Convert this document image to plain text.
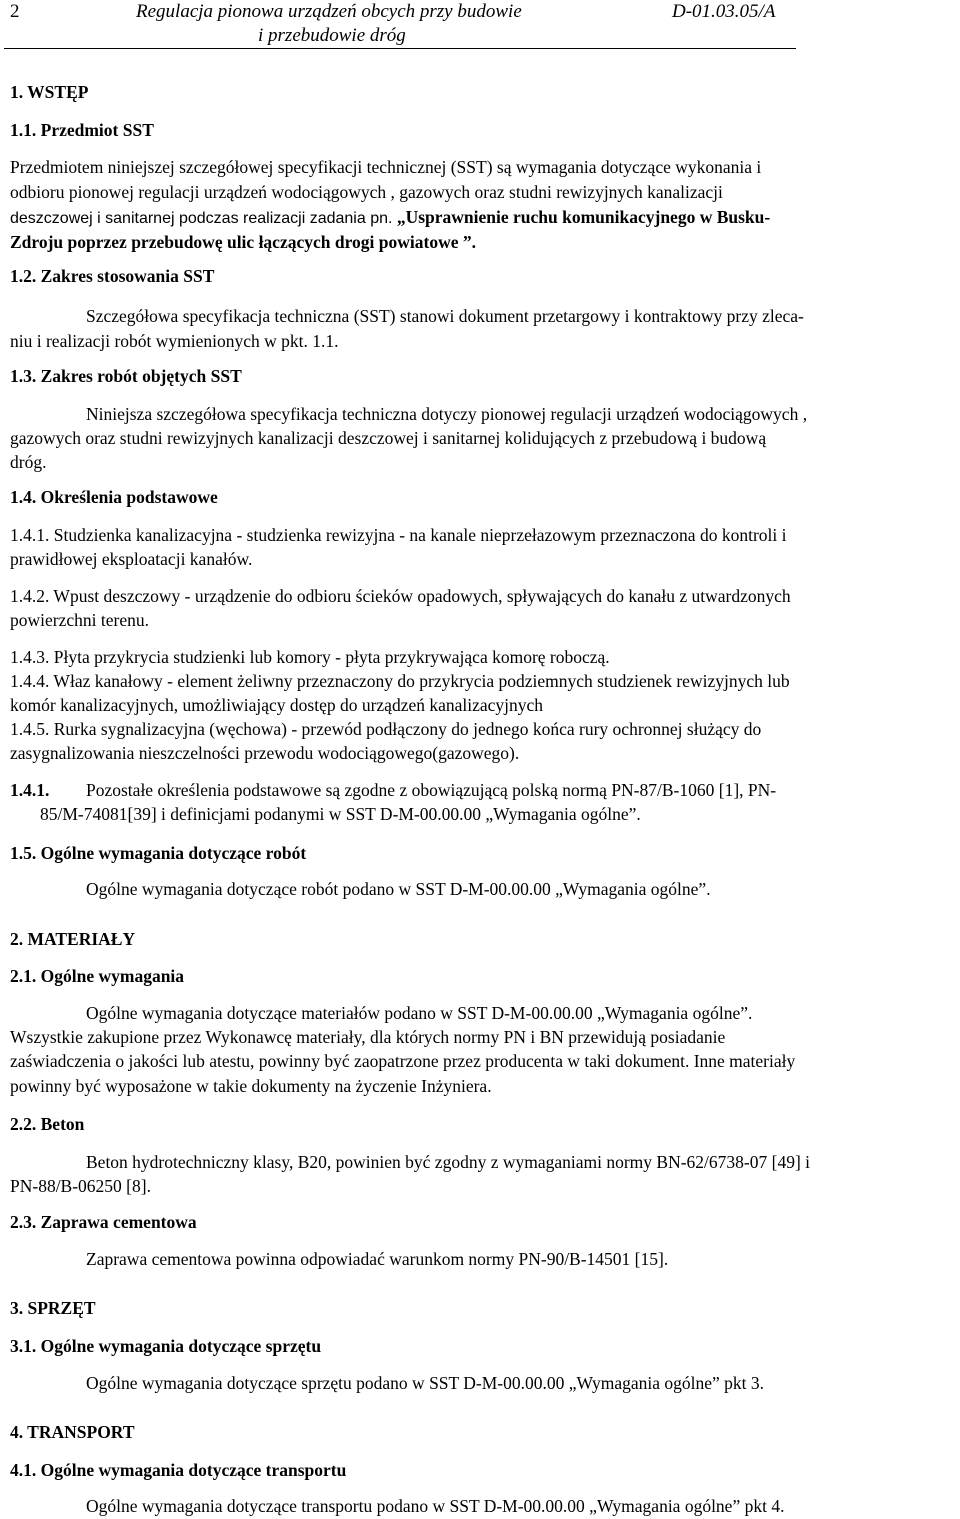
2	Regulacja pionowa urządzeń obcych przy budowie
i przebudowie dróg
D-01.03.05/A
1. WSTĘP
1.1. Przedmiot SST
Przedmiotem niniejszej szczegółowej specyfikacji technicznej (SST) są wymagania dotyczące wykonania i
odbioru pionowej regulacji urządzeń wodociągowych , gazowych oraz studni rewizyjnych kanalizacji
deszczowej i sanitarnej podczas realizacji zadania pn. „Usprawnienie ruchu komunikacyjnego w Busku-
Zdroju poprzez przebudowę ulic łączących drogi powiatowe ”.
1.2. Zakres stosowania SST
Szczegółowa specyfikacja techniczna (SST) stanowi dokument przetargowy i kontraktowy przy zleca-
niu i realizacji robót wymienionych w pkt. 1.1.
1.3. Zakres robót objętych SST
Niniejsza szczegółowa specyfikacja techniczna dotyczy pionowej regulacji urządzeń wodociągowych ,
gazowych oraz studni rewizyjnych kanalizacji deszczowej i sanitarnej kolidujących z przebudową i budową
dróg.
1.4. Określenia podstawowe
1.4.1. Studzienka kanalizacyjna - studzienka rewizyjna - na kanale nieprzełazowym przeznaczona do kontroli i
prawidłowej eksploatacji kanałów.
1.4.2. Wpust deszczowy - urządzenie do odbioru ścieków opadowych, spływających do kanału z utwardzonych
powierzchni terenu.
1.4.3. Płyta przykrycia studzienki lub komory - płyta przykrywająca komorę roboczą.
1.4.4. Właz kanałowy - element żeliwny przeznaczony do przykrycia podziemnych studzienek rewizyjnych lub
komór kanalizacyjnych, umożliwiający dostęp do urządzeń kanalizacyjnych
1.4.5. Rurka sygnalizacyjna (węchowa) - przewód podłączony do jednego końca rury ochronnej służący do
zasygnalizowania nieszczelności przewodu wodociągowego(gazowego).
1.4.1. Pozostałe określenia podstawowe są zgodne z obowiązującą polską normą PN-87/B-1060 [1], PN-
85/M-74081[39] i definicjami podanymi w SST D-M-00.00.00 „Wymagania ogólne”.
1.5. Ogólne wymagania dotyczące robót
Ogólne wymagania dotyczące robót podano w SST D-M-00.00.00 „Wymagania ogólne”.
2. MATERIAŁY
2.1. Ogólne wymagania
Ogólne wymagania dotyczące materiałów podano w SST D-M-00.00.00 „Wymagania ogólne”.
Wszystkie zakupione przez Wykonawcę materiały, dla których normy PN i BN przewidują posiadanie
zaświadczenia o jakości lub atestu, powinny być zaopatrzone przez producenta w taki dokument. Inne materiały
powinny być wyposażone w takie dokumenty na życzenie Inżyniera.
2.2. Beton
Beton hydrotechniczny klasy, B20, powinien być zgodny z wymaganiami normy BN-62/6738-07 [49] i
PN-88/B-06250 [8].
2.3. Zaprawa cementowa
Zaprawa cementowa powinna odpowiadać warunkom normy PN-90/B-14501 [15].
3. SPRZĘT
3.1. Ogólne wymagania dotyczące sprzętu
Ogólne wymagania dotyczące sprzętu podano w SST D-M-00.00.00 „Wymagania ogólne” pkt 3.
4. TRANSPORT
4.1. Ogólne wymagania dotyczące transportu
Ogólne wymagania dotyczące transportu podano w SST D-M-00.00.00 „Wymagania ogólne” pkt 4.
